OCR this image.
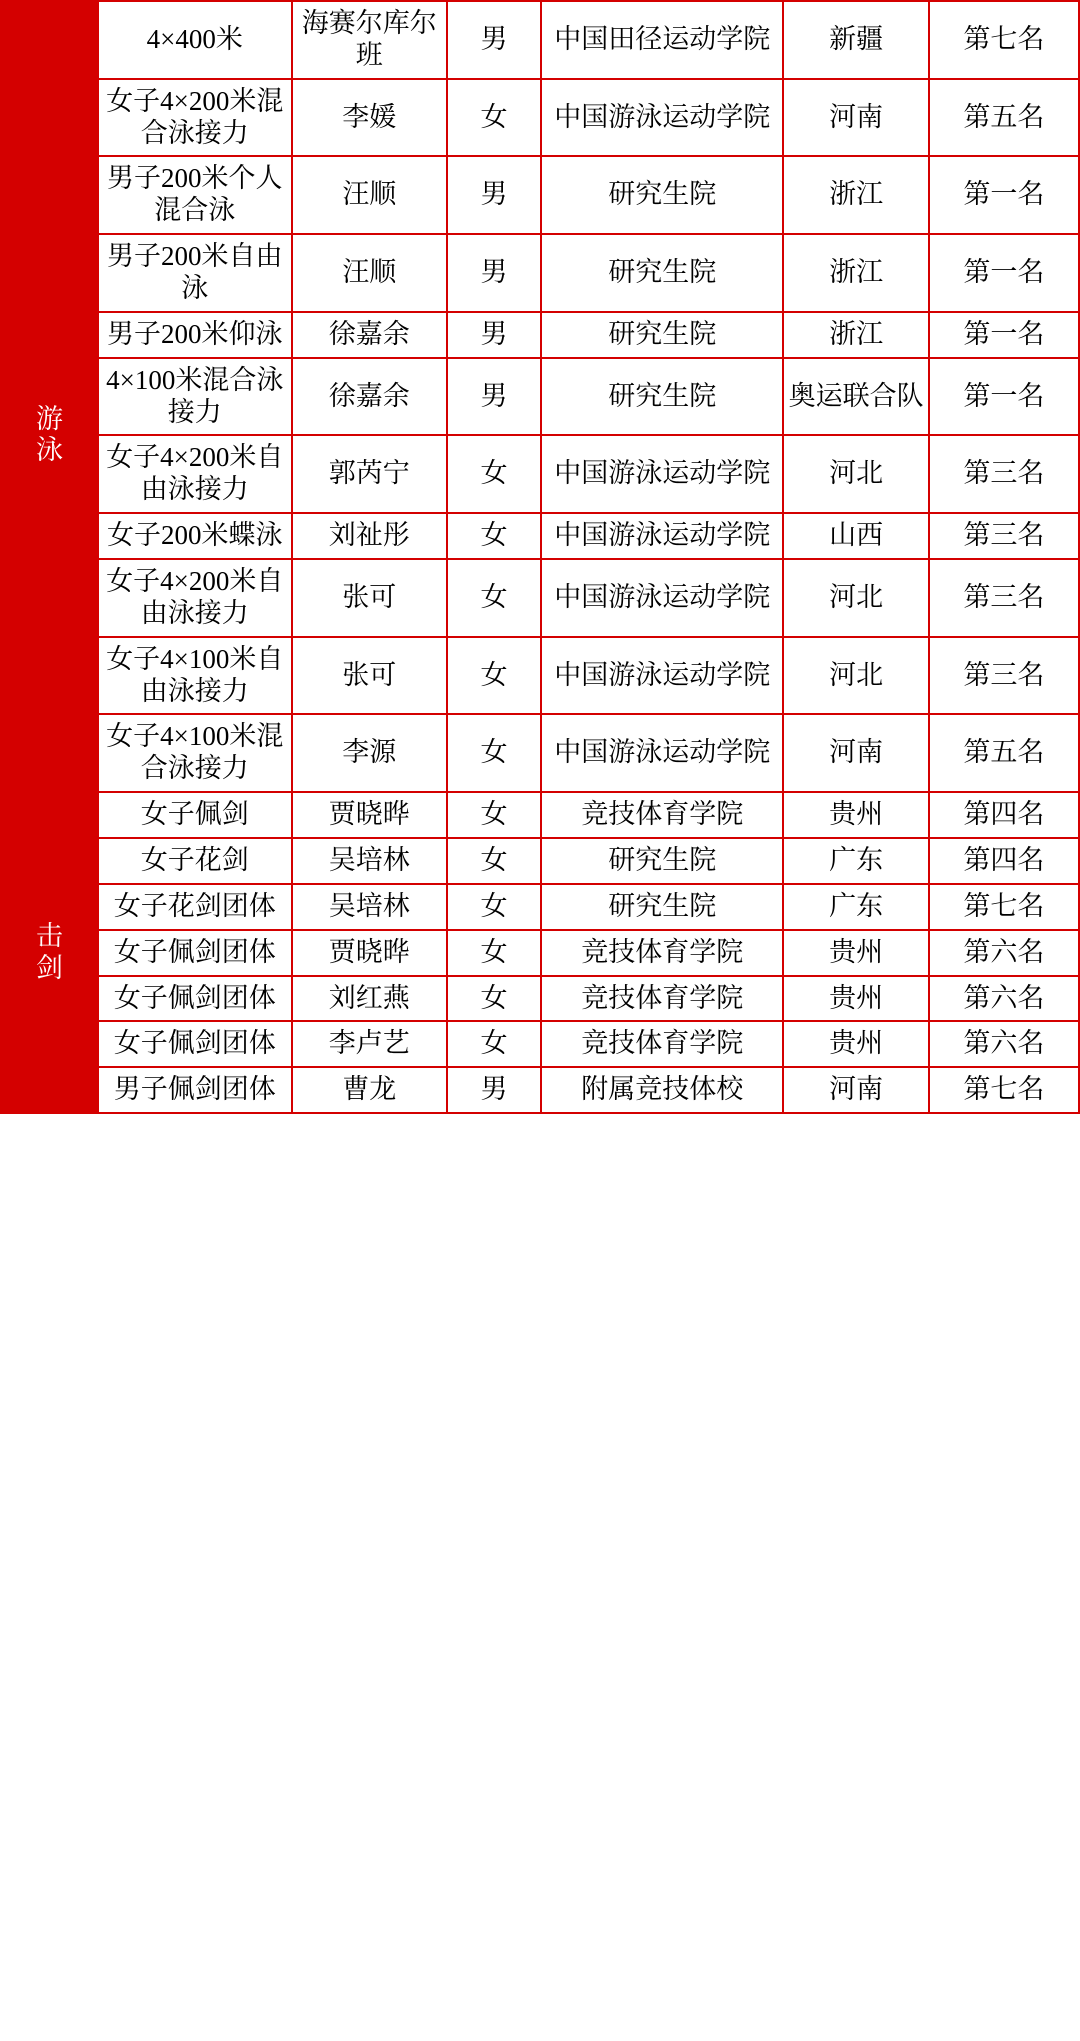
	4×400米	海赛尔库尔班	男	中国田径运动学院	新疆	第七名

游泳	女子4×200米混合泳接力	李媛	女	中国游泳运动学院	河南	第五名
	男子200米个人混合泳	汪顺	男	研究生院	浙江	第一名
	男子200米自由泳	汪顺	男	研究生院	浙江	第一名
	男子200米仰泳	徐嘉余	男	研究生院	浙江	第一名
	4×100米混合泳接力	徐嘉余	男	研究生院	奥运联合队	第一名
	女子4×200米自由泳接力	郭芮宁	女	中国游泳运动学院	河北	第三名
	女子200米蝶泳	刘祉彤	女	中国游泳运动学院	山西	第三名
	女子4×200米自由泳接力	张可	女	中国游泳运动学院	河北	第三名
	女子4×100米自由泳接力	张可	女	中国游泳运动学院	河北	第三名
	女子4×100米混合泳接力	李源	女	中国游泳运动学院	河南	第五名

击剑	女子佩剑	贾晓晔	女	竞技体育学院	贵州	第四名
	女子花剑	吴培林	女	研究生院	广东	第四名
	女子花剑团体	吴培林	女	研究生院	广东	第七名
	女子佩剑团体	贾晓晔	女	竞技体育学院	贵州	第六名
	女子佩剑团体	刘红燕	女	竞技体育学院	贵州	第六名
	女子佩剑团体	李卢艺	女	竞技体育学院	贵州	第六名
	男子佩剑团体	曹龙	男	附属竞技体校	河南	第七名
